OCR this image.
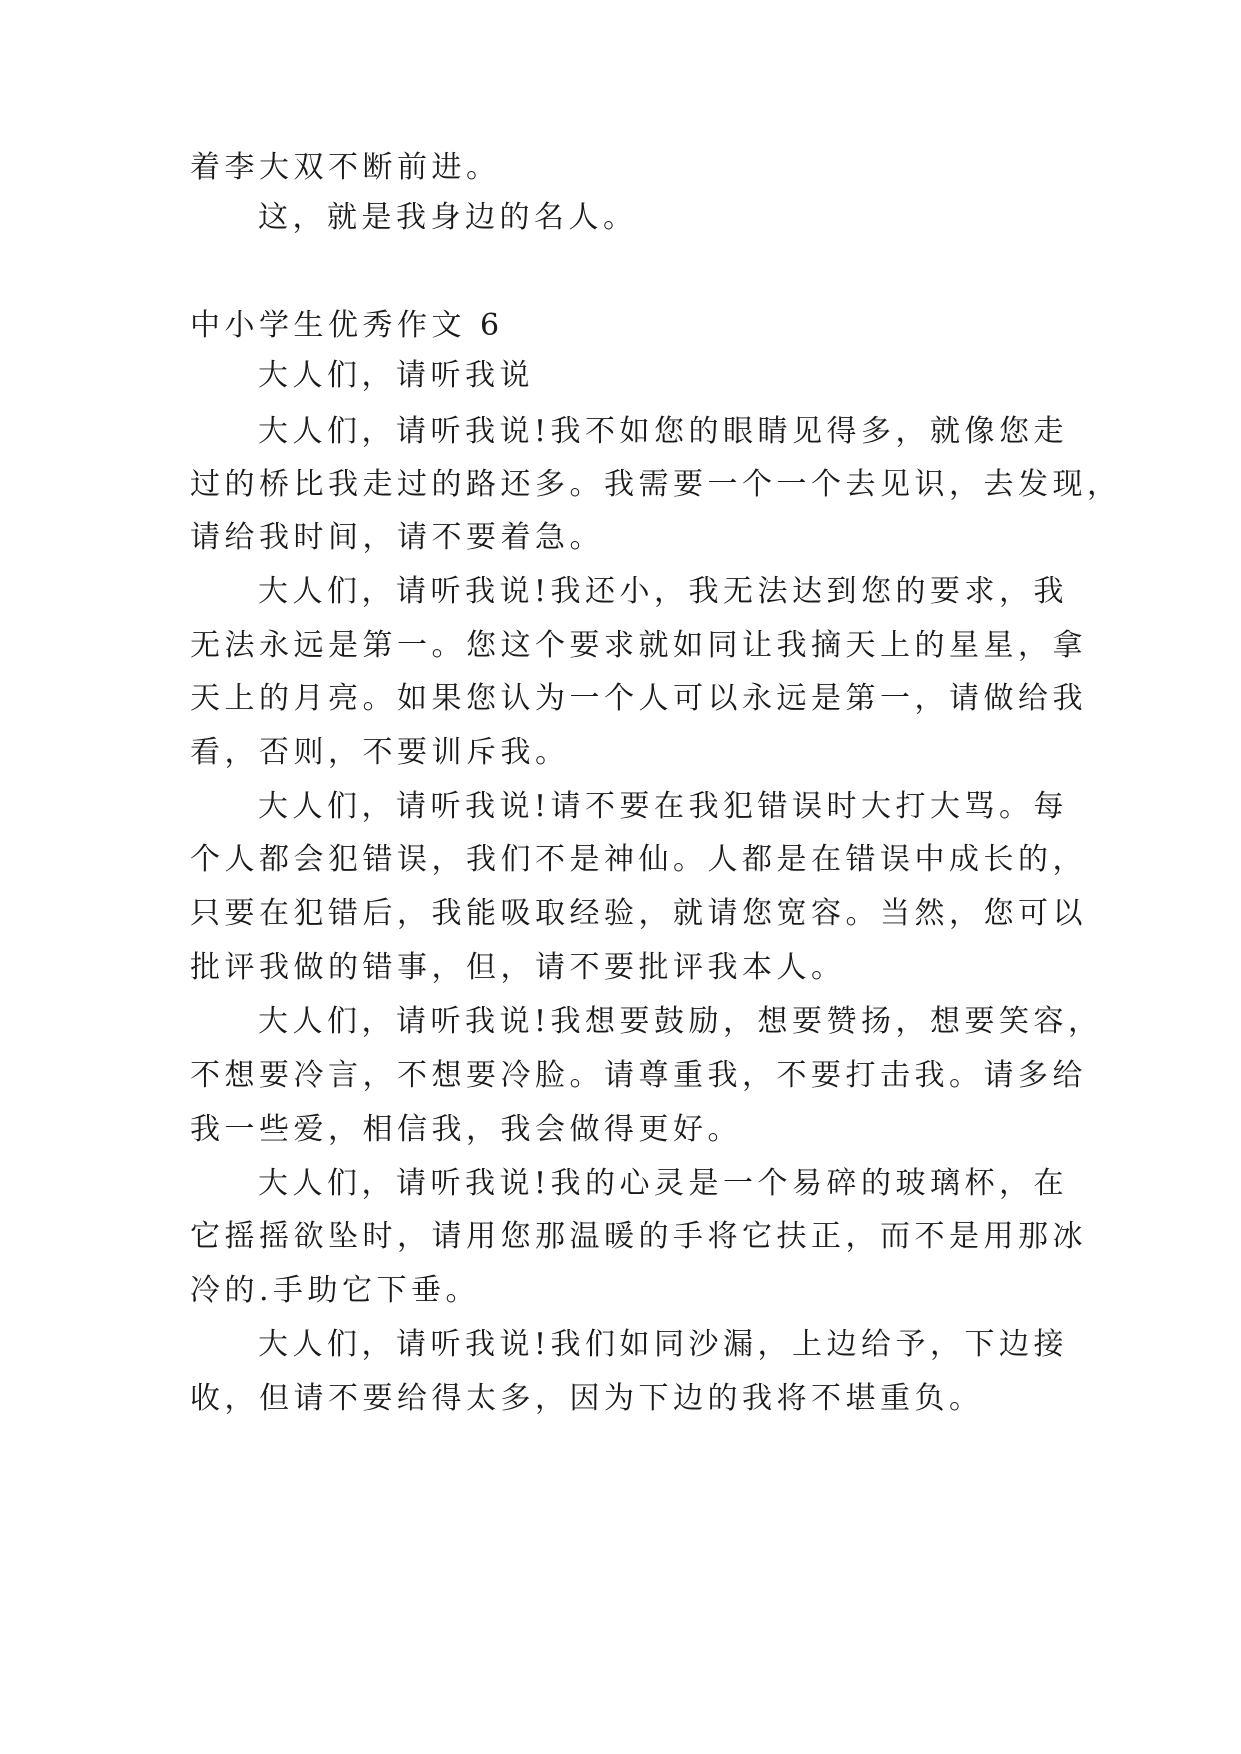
着李大双不断前进。
这，就是我身边的名人。
中小学生优秀作文 6
大人们，请听我说
大人们，请听我说!我不如您的眼睛见得多，就像您走
过的桥比我走过的路还多。我需要一个一个去见识，去发现，
请给我时间，请不要着急。
大人们，请听我说!我还小，我无法达到您的要求，我
无法永远是第一。您这个要求就如同让我摘天上的星星，拿
天上的月亮。如果您认为一个人可以永远是第一，请做给我
看，否则，不要训斥我。
大人们，请听我说!请不要在我犯错误时大打大骂。每
个人都会犯错误，我们不是神仙。人都是在错误中成长的，
只要在犯错后，我能吸取经验，就请您宽容。当然，您可以
批评我做的错事，但，请不要批评我本人。
大人们，请听我说!我想要鼓励，想要赞扬，想要笑容，
不想要冷言，不想要冷脸。请尊重我，不要打击我。请多给
我一些爱，相信我，我会做得更好。
大人们，请听我说!我的心灵是一个易碎的玻璃杯，在
它摇摇欲坠时，请用您那温暖的手将它扶正，而不是用那冰
冷的.手助它下垂。
大人们，请听我说!我们如同沙漏，上边给予，下边接
收，但请不要给得太多，因为下边的我将不堪重负。
